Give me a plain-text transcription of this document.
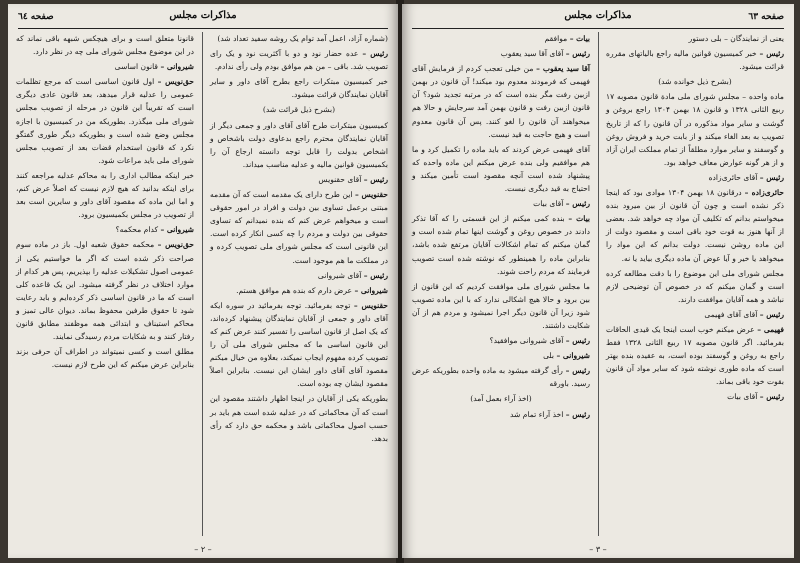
صفحه ٦٤	مذاکرات مجلس
(شماره آزاد، اعمل آمد توام یک روشه سفید تعداد شد)
رئیس – عده حضار نود و دو با آکثریت نود و یک رای تصویب شد. باقی – من هم موافق بودم ولی رأی ندادم.
خبر کمیسیون مبتکرات راجع بطرح آقای داور و سایر آقایان نمایندگان قرائت میشود.
(بشرح ذیل قرائت شد)
کمیسیون مبتکرات طرح آقای آقای داور و جمعی دیگر از آقایان نمایندگان محترم راجع بدعاوی دولت باشخاص و اشخاص بدولت را قابل توجه دانسته ارجاع آن را بکمیسیون قوانین مالیه و عدلیه مناسب میداند.
رئیس – آقای حقنویس
حقنویس – این طرح دارای یک مقدمه است که آن مقدمه مبتنی برعمل تساوی بین دولت و افراد در امور حقوقی است و میخواهم عرض کنم که بنده نمیدانم که تساوی حقوقی بین دولت و مردم را چه کسی انکار کرده است. این قانونی است که مجلس شورای ملی تصویب کرده و در مملکت ما هم موجود است.
رئیس – آقای شیروانی
شیروانی – عرض دارم که بنده هم موافق هستم.
حقنویس – توجه بفرمائید. توجه بفرمائید در سوره ایکه آقای داور و جمعی از آقایان نمایندگان پیشنهاد کرده‌اند، که یک اصل از قانون اساسی را تفسیر کنند عرض کنم که این قانون اساسی ما که مجلس شورای ملی آن را تصویب کرده مفهوم ایجاب نمیکند، بعلاوه من خیال میکنم مقصود آقای آقای داور ایشان این نیست. بنابراین اصلاً مقصود ایشان چه بوده است.
بطوریکه یکی از آقایان در اینجا اظهار داشتند مقصود این است که آن محاکماتی که در عدلیه شده است هم باید بر حسب اصول محاکماتی باشد و محکمه حق دارد که رأی بدهد.
قانونا متعلق است و برای هیچکس شبهه باقی نماند که در این موضوع مجلس شورای ملی چه در نظر دارد.
شیروانی – قانون اساسی
حق‌نویس – اول قانون اساسی است که مرجع تظلمات عمومی را عدلیه قرار میدهد، بعد قانون عادی دیگری است که تقریباً این قانون در مرحله از تصویب مجلس شورای ملی میگذرد. بطوریکه من در کمیسیون با اجازه مجلس وضع شده است و بطوریکه دیگر طوری گفتگو نکرد که قانون استخدام قضات بعد از تصویب مجلس شورای ملی باید مراعات شود.
خبر اینکه مطالب اداری را به محاکم عدلیه مراجعه کنند برای اینکه بدانید که هیچ لازم نیست که اصلاً عرض کنم، و اما این ماده که مقصود آقای داور و سایرین است بعد از تصویب در مجلس بکمیسیون برود.
شیروانی – کدام محکمه؟
حق‌نویس – محکمه حقوق شعبه اول. باز در ماده سوم صراحت ذکر شده است که اگر ما خواستیم یکی از عمومی اصول تشکیلات عدلیه را بپذیریم، پس هر کدام از موارد اختلاف در نظر گرفته میشود. این یک قاعده کلی است که ما در قانون اساسی ذکر کرده‌ایم و باید رعایت شود تا حقوق طرفین محفوظ بماند. دیوان عالی تمیز و محاکم استیناف و ابتدائی همه موظفند مطابق قانون رفتار کنند و به شکایات مردم رسیدگی نمایند.
مطلق است و کسی نمیتواند در اطراف آن حرفی بزند بنابراین عرض میکنم که این طرح لازم نیست.
– ۲ –
صفحه ٦٣
مذاکرات مجلس
یعنی از نمایندگان – بلی دستور
رئیس – خبر کمیسیون قوانین مالیه راجع بالیاتهای مقرره قرائت میشود.
(بشرح ذیل خوانده شد)
ماده واحده – مجلس شورای ملی مادة قانون مصوبه ۱۷ ربیع الثانی ۱۳۲۸ و قانون ۱۸ بهمن ۱۳۰۴ راجع بروغن و گوشت و سایر مواد مذکوره در آن قانون را که از تاریخ تصویب به بعد الغاء میکند و از بابت خرید و فروش روغن و گوسفند و سایر موارد مطلقاً از تمام مملکت ایران آزاد و از هر گونه عوارض معاف خواهد بود.
رئیس – آقای حائری‌زاده
حائری‌زاده – درقانون ۱۸ بهمن ۱۳۰۴ موادی بود که اینجا ذکر نشده است و چون آن قانون از بین میرود بنده میخواستم بدانم که تکلیف آن مواد چه خواهد شد. بعضی از آنها هنوز به قوت خود باقی است و مقصود دولت از این ماده روشن نیست. دولت بدانم که این مواد را میخواهد یا خیر و آیا عوض آن ماده دیگری بیاید یا نه.
مجلس شورای ملی این موضوع را با دقت مطالعه کرده است و گمان میکنم که در خصوص آن توضیحی لازم نباشد و همه آقایان موافقت دارند.
رئیس – آقای آقای فهیمی
فهیمی – عرض میکنم خوب است اینجا یک قیدی الحاقات بفرمائید. اگر قانون مصوبه ۱۷ ربیع الثانی ۱۳۲۸ فقط راجع به روغن و گوسفند بوده است، به عقیده بنده بهتر است که ماده طوری نوشته شود که سایر مواد آن قانون بقوت خود باقی بماند.
رئیس – آقای بیات
بیات – موافقم
رئیس – آقای آقا سید یعقوب
آقا سید یعقوب – من خیلی تعجب کردم از فرمایش آقای فهیمی که فرمودند معدوم بود میکند! آن قانون در بهمن ازبین رفت مگر بنده است که در مرتبه تجدید شود؟ آن قانون ازبین رفت و قانون بهمن آمد سرجایش و حالا هم میخواهند آن قانون را لغو کنند. پس آن قانون معدوم است و هیچ حاجت به قید نیست.
آقای فهیمی عرض کردند که باید ماده را تکمیل کرد و ما هم موافقیم ولی بنده عرض میکنم این ماده واحده که پیشنهاد شده است آنچه مقصود است تأمین میکند و احتیاج به قید دیگری نیست.
رئیس – آقای بیات
بیات – بنده کمی میکنم از این قسمتی را که آقا تذکر دادند در خصوص روغن و گوشت اینها تمام شده است و گمان میکنم که تمام اشکالات آقایان مرتفع شده باشد، بنابراین ماده را همینطور که نوشته شده است تصویب فرمایند که مردم راحت شوند.
ما مجلس شورای ملی موافقت کردیم که این قانون از بین برود و حالا هیچ اشکالی ندارد که با این ماده تصویب شود زیرا آن قانون دیگر اجرا نمیشود و مردم هم از آن شکایت داشتند.
رئیس – آقای شیروانی موافقید؟
شیروانی – بلی
رئیس – رأی گرفته میشود به ماده واحده بطوریکه عرض رسید. باورقه
(اخذ آراء بعمل آمد)
رئیس – اخذ آراء تمام شد
– ۳ –
